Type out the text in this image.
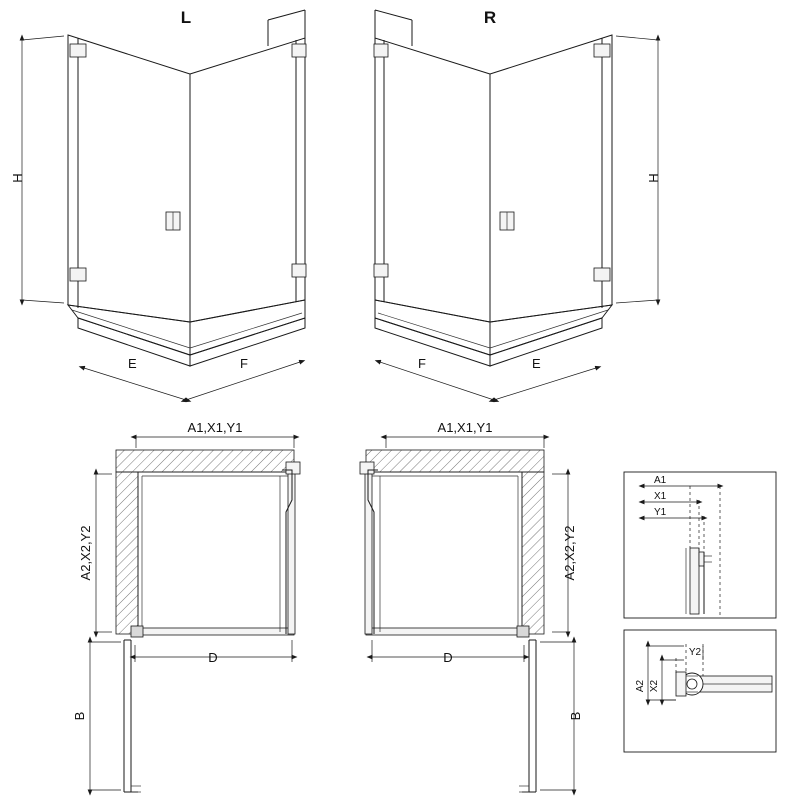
H
E	F
L
H
E
F
R
A1,X1,Y1
A2,X2,Y2
D
B
A1,X1,Y1
A2,X2,Y2
D
B
A1
X1
Y1
A2 X2
Y2
